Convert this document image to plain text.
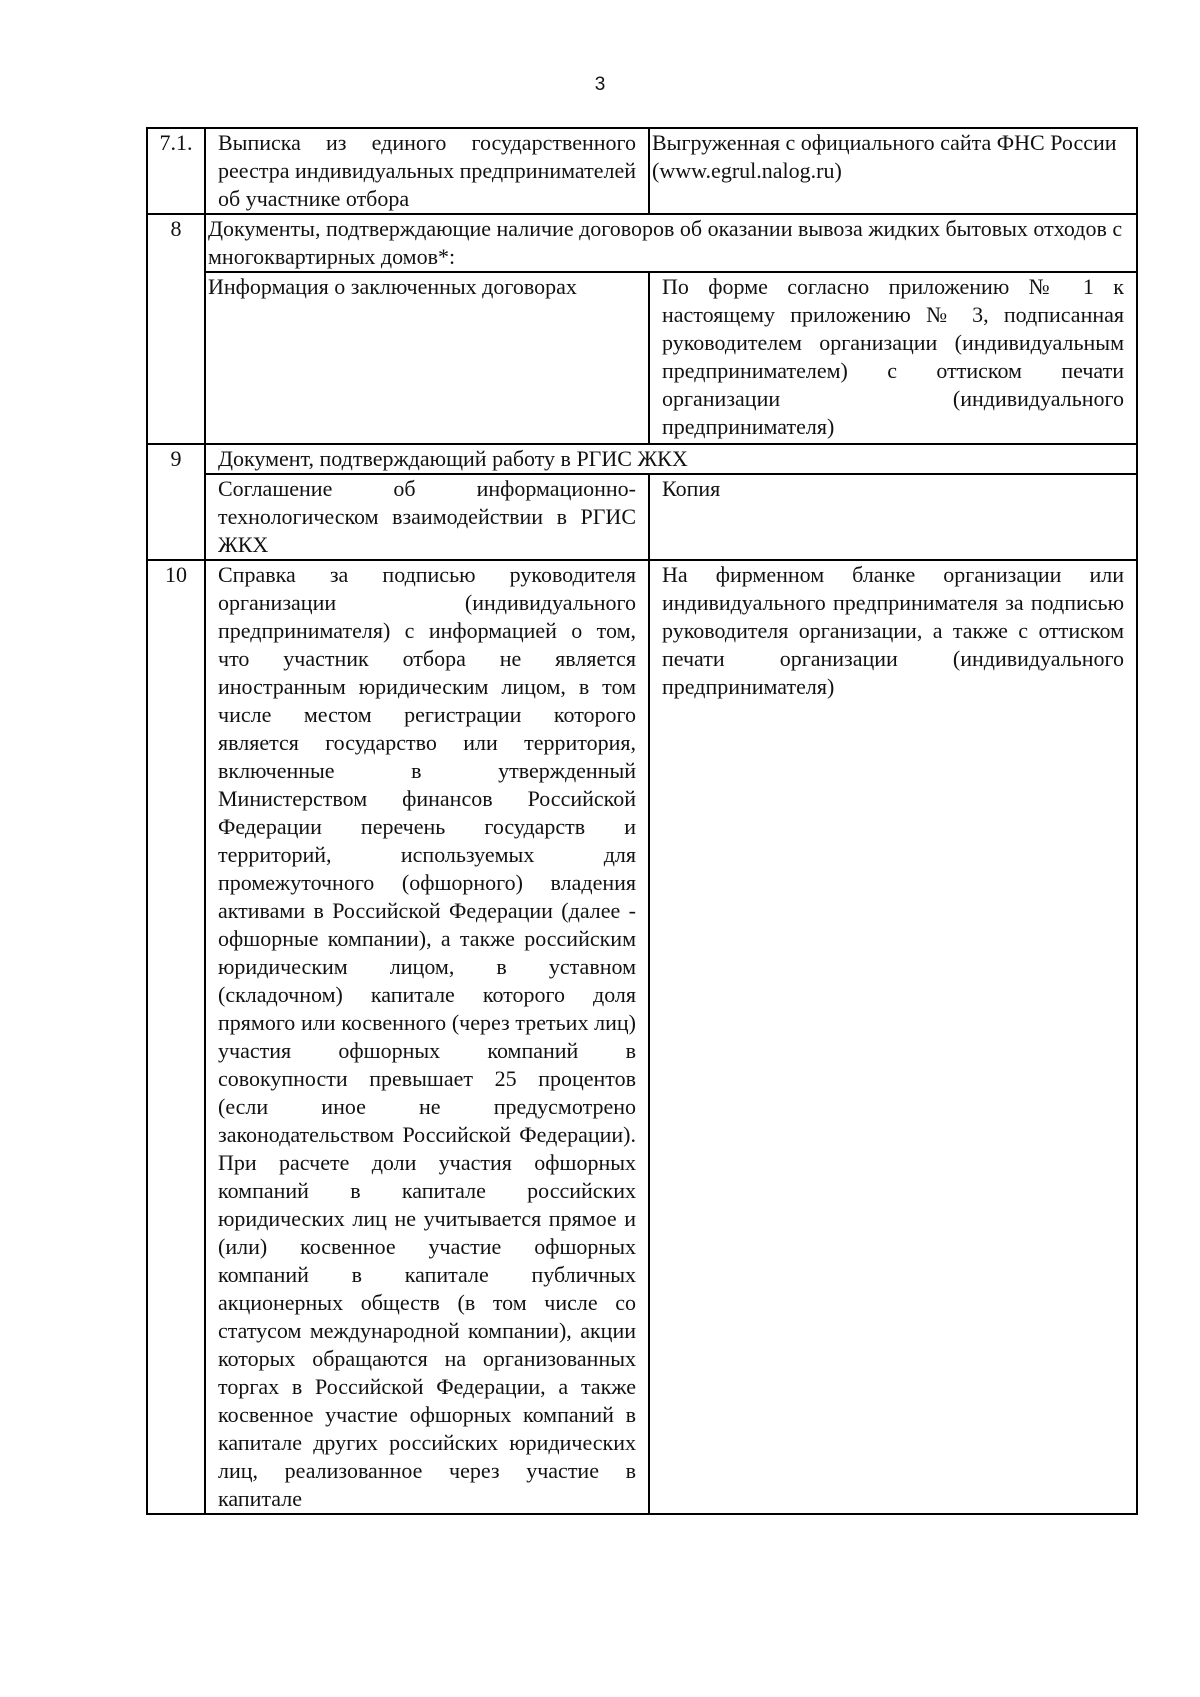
3
7.1.	Выписка из единого государственного реестра индивидуальных предпринимателей об участнике отбора	Выгруженная с официального сайта ФНС России (www.egrul.nalog.ru)
8	Документы, подтверждающие наличие договоров об оказании вывоза жидких бытовых отходов с многоквартирных домов*:	
	Информация о заключенных договорах	По форме согласно приложению № 1 к настоящему приложению № 3, подписанная руководителем организации (индивидуальным предпринимателем) с оттиском печати организации (индивидуального предпринимателя)
9	Документ, подтверждающий работу в РГИС ЖКХ	
	Соглашение об информационно-технологическом взаимодействии в РГИС ЖКХ	Копия
10	Справка за подписью руководителя организации (индивидуального предпринимателя) с информацией о том, что участник отбора не является иностранным юридическим лицом, в том числе местом регистрации которого является государство или территория, включенные в утвержденный Министерством финансов Российской Федерации перечень государств и территорий, используемых для промежуточного (офшорного) владения активами в Российской Федерации (далее - офшорные компании), а также российским юридическим лицом, в уставном (складочном) капитале которого доля прямого или косвенного (через третьих лиц) участия офшорных компаний в совокупности превышает 25 процентов (если иное не предусмотрено законодательством Российской Федерации). При расчете доли участия офшорных компаний в капитале российских юридических лиц не учитывается прямое и (или) косвенное участие офшорных компаний в капитале публичных акционерных обществ (в том числе со статусом международной компании), акции которых обращаются на организованных торгах в Российской Федерации, а также косвенное участие офшорных компаний в капитале других российских юридических лиц, реализованное через участие в капитале	На фирменном бланке организации или индивидуального предпринимателя за подписью руководителя организации, а также с оттиском печати организации (индивидуального предпринимателя)
